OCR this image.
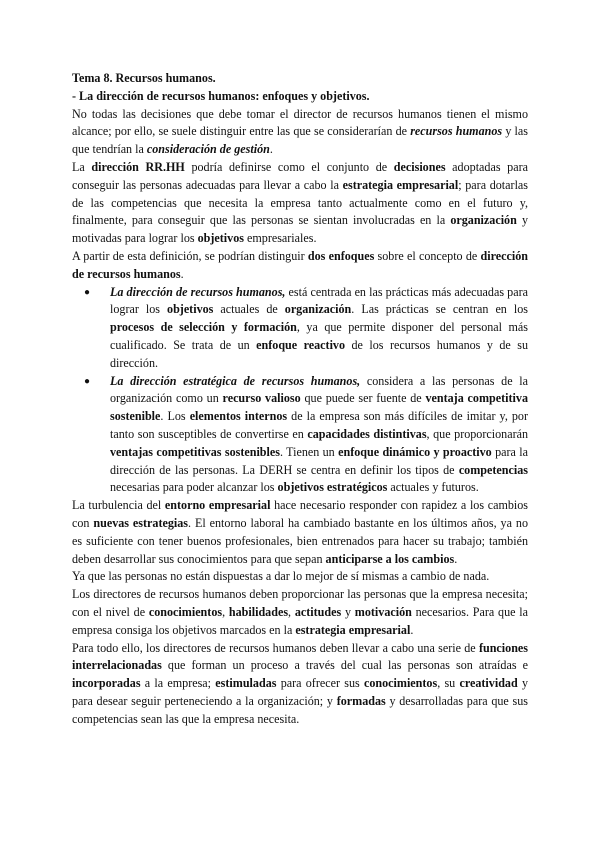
Tema 8. Recursos humanos.

- La dirección de recursos humanos: enfoques y objetivos.

No todas las decisiones que debe tomar el director de recursos humanos tienen el mismo alcance; por ello, se suele distinguir entre las que se considerarían de recursos humanos y las que tendrían la consideración de gestión.

La dirección RR.HH podría definirse como el conjunto de decisiones adoptadas para conseguir las personas adecuadas para llevar a cabo la estrategia empresarial; para dotarlas de las competencias que necesita la empresa tanto actualmente como en el futuro y, finalmente, para conseguir que las personas se sientan involucradas en la organización y motivadas para lograr los objetivos empresariales.

A partir de esta definición, se podrían distinguir dos enfoques sobre el concepto de dirección de recursos humanos.

● La dirección de recursos humanos, está centrada en las prácticas más adecuadas para lograr los objetivos actuales de organización. Las prácticas se centran en los procesos de selección y formación, ya que permite disponer del personal más cualificado. Se trata de un enfoque reactivo de los recursos humanos y de su dirección.
● La dirección estratégica de recursos humanos, considera a las personas de la organización como un recurso valioso que puede ser fuente de ventaja competitiva sostenible. Los elementos internos de la empresa son más difíciles de imitar y, por tanto son susceptibles de convertirse en capacidades distintivas, que proporcionarán ventajas competitivas sostenibles. Tienen un enfoque dinámico y proactivo para la dirección de las personas. La DERH se centra en definir los tipos de competencias necesarias para poder alcanzar los objetivos estratégicos actuales y futuros.

La turbulencia del entorno empresarial hace necesario responder con rapidez a los cambios con nuevas estrategias. El entorno laboral ha cambiado bastante en los últimos años, ya no es suficiente con tener buenos profesionales, bien entrenados para hacer su trabajo; también deben desarrollar sus conocimientos para que sepan anticiparse a los cambios.

Ya que las personas no están dispuestas a dar lo mejor de sí mismas a cambio de nada.

Los directores de recursos humanos deben proporcionar las personas que la empresa necesita; con el nivel de conocimientos, habilidades, actitudes y motivación necesarios. Para que la empresa consiga los objetivos marcados en la estrategia empresarial.

Para todo ello, los directores de recursos humanos deben llevar a cabo una serie de funciones interrelacionadas que forman un proceso a través del cual las personas son atraídas e incorporadas a la empresa; estimuladas para ofrecer sus conocimientos, su creatividad y para desear seguir perteneciendo a la organización; y formadas y desarrolladas para que sus competencias sean las que la empresa necesita.
